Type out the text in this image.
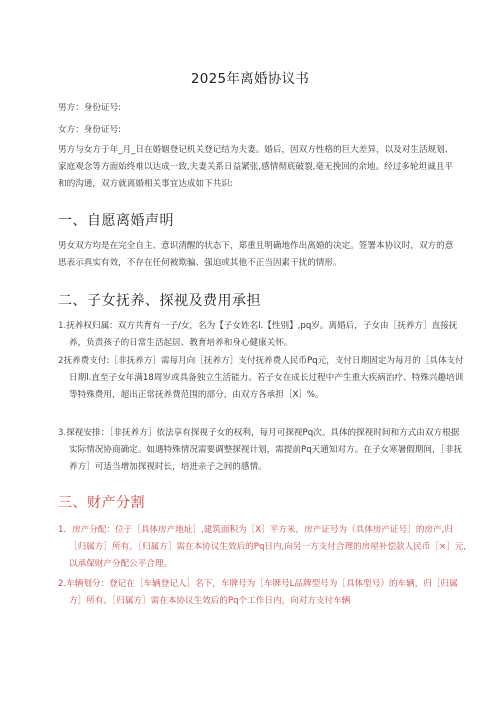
2025年离婚协议书
男方：身份证号:
女方：身份证号:
男方与女方于年_月_日在婚姻登记机关登记结为夫妻。婚后，因双方性格的巨大差异，以及对生活规划、家庭观念等方面始终难以达成一致,夫妻关系日益紧张,感情彻底破裂,毫无挽回的余地。经过多轮坦诚且平和的沟通，双方就离婚相关事宜达成如下共识:
一、自愿离婚声明
男女双方均是在完全自主、意识清醒的状态下，郑重且明确地作出离婚的决定。签署本协议时，双方的意思表示真实有效，不存在任何被欺骗、强迫或其他不正当因素干扰的情形。
二、子女抚养、探视及费用承担
1.抚养权归属：双方共育有一子/女，名为【子女姓名l.【性别】,pq岁。离婚后，子女由［抚养方］直接抚养，负责孩子的日常生活起居、教育培养和身心健康关怀。
2抚养费支付:［非抚养方］需每月向［抚养方］支付抚养费人民币Pq元，支付日期固定为每月的［具体支付日期l.直至子女年满18周岁或具备独立生活能力。若子女在成长过程中产生重大疾病治疗、特殊兴趣培训等特殊费用，超出正常抚养费范围的部分，由双方各承担［X］%。
3.探视安排：［非抚养方］依法享有探视子女的权利，每月可探视Pq次。具体的探视时间和方式由双方根据实际情况协商确定。如遇特殊情况需要调整探视计划，需提前Pq天通知对方。在子女寒暑假期间，［非抚养方］可适当增加探视时长，培进亲子之间的感情。
三、财产分割
1．房产分配：位于［具体房产地址］,建筑面积为［X］平方米，房产证号为（具体房产证号］的房产,归［归属方］所有。［归属方］需在本协议生效后的Pq日内,向另一方支付合理的房屋补偿款人民币［×］元,以承保财产分配公平合理。
2.车辆划分：登记在［车辆登记人］名下，车牌号为［车牌号L品牌型号为［具体型号）的车辆，归［归属方］所有。［归属方］需在本协议生效后的Pq个工作日内，向对方支付车辆
